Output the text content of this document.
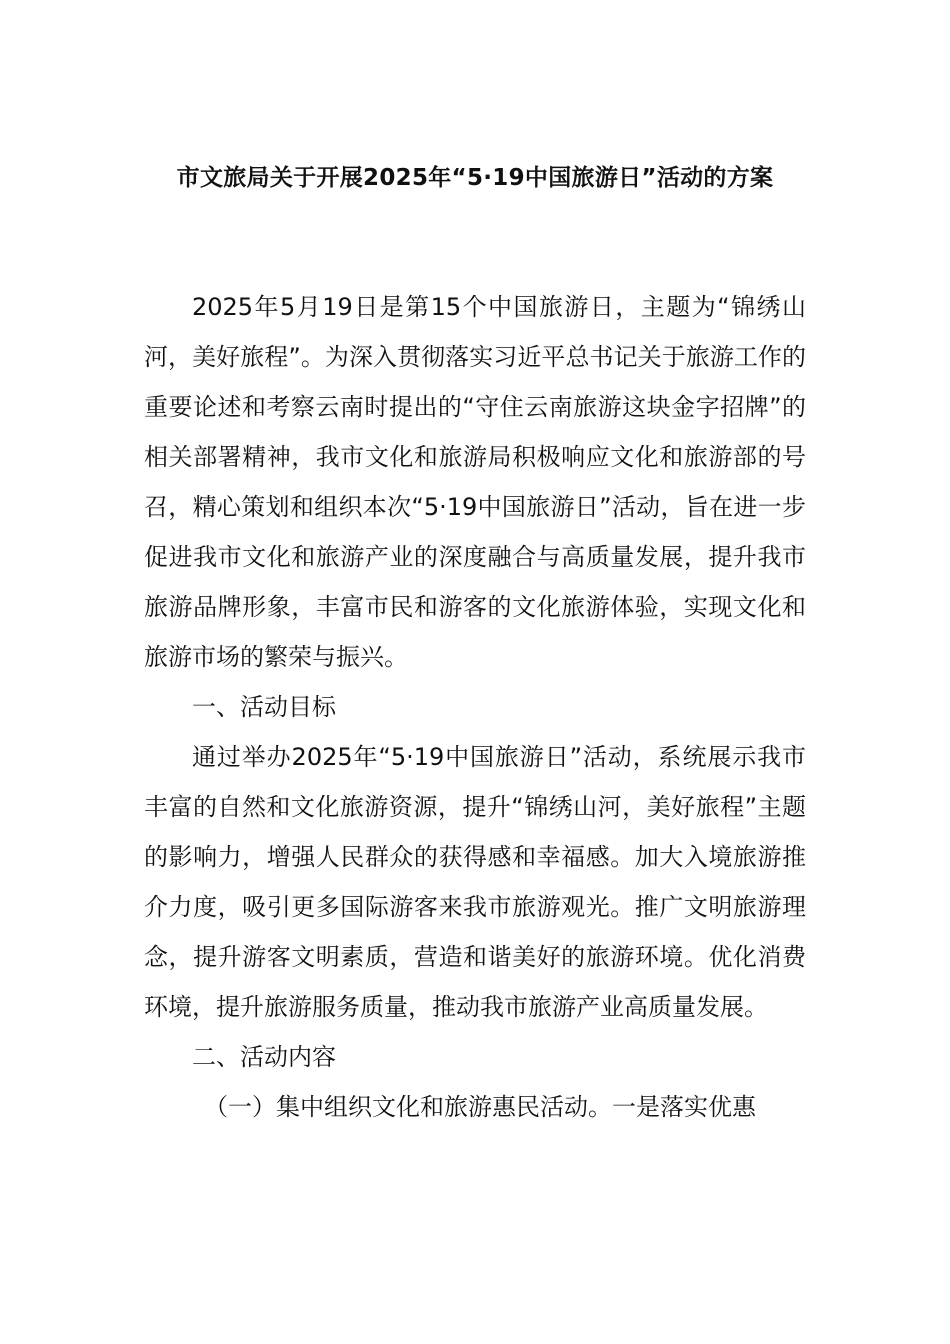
市文旅局关于开展2025年“5·19中国旅游日”活动的方案

2025年5月19日是第15个中国旅游日，主题为“锦绣山河，美好旅程”。为深入贯彻落实习近平总书记关于旅游工作的重要论述和考察云南时提出的“守住云南旅游这块金字招牌”的相关部署精神，我市文化和旅游局积极响应文化和旅游部的号召，精心策划和组织本次“5·19中国旅游日”活动，旨在进一步促进我市文化和旅游产业的深度融合与高质量发展，提升我市旅游品牌形象，丰富市民和游客的文化旅游体验，实现文化和旅游市场的繁荣与振兴。

一、活动目标

通过举办2025年“5·19中国旅游日”活动，系统展示我市丰富的自然和文化旅游资源，提升“锦绣山河，美好旅程”主题的影响力，增强人民群众的获得感和幸福感。加大入境旅游推介力度，吸引更多国际游客来我市旅游观光。推广文明旅游理念，提升游客文明素质，营造和谐美好的旅游环境。优化消费环境，提升旅游服务质量，推动我市旅游产业高质量发展。

二、活动内容

（一）集中组织文化和旅游惠民活动。一是落实优惠
